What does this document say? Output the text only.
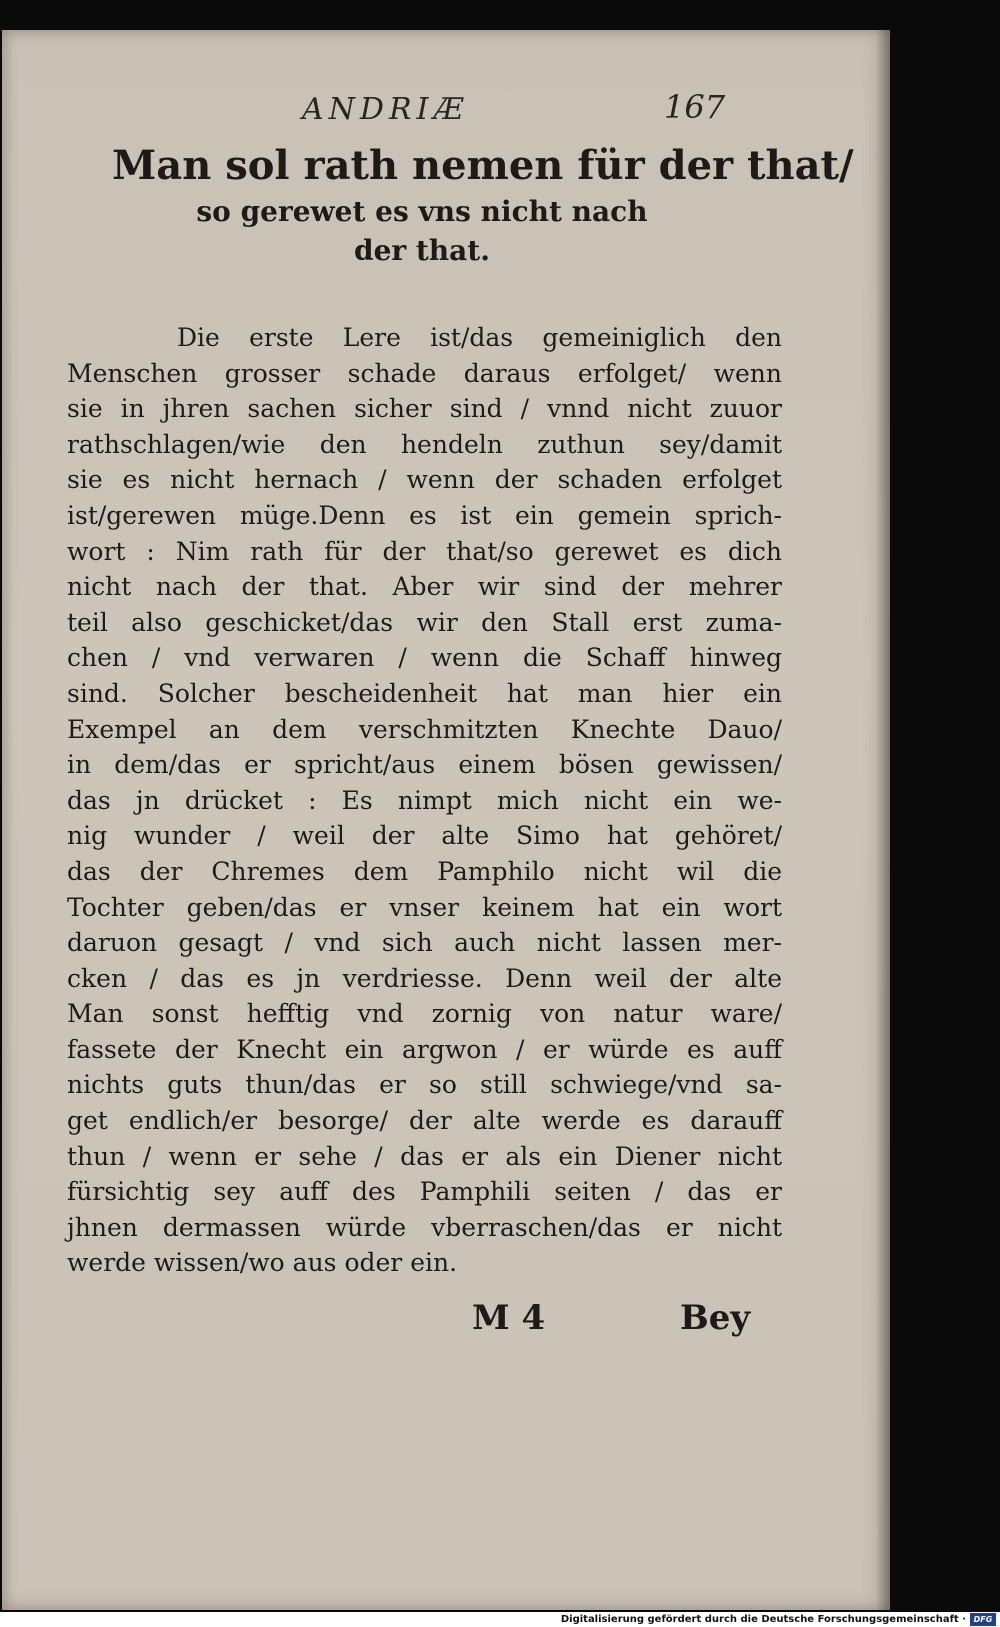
ANDRIÆ	167
Man sol rath nemen für der that/
so gerewet es vns nicht nach
der that.
Die erste Lere ist/das gemeiniglich den
Menschen grosser schade daraus erfolget/ wenn
sie in jhren sachen sicher sind / vnnd nicht zuuor
rathschlagen/wie den hendeln zuthun sey/damit
sie es nicht hernach / wenn der schaden erfolget
ist/gerewen müge.Denn es ist ein gemein sprich‑
wort : Nim rath für der that/so gerewet es dich
nicht nach der that. Aber wir sind der mehrer
teil also geschicket/das wir den Stall erst zuma‑
chen / vnd verwaren / wenn die Schaff hinweg
sind. Solcher bescheidenheit hat man hier ein
Exempel an dem verschmitzten Knechte Dauo/
in dem/das er spricht/aus einem bösen gewissen/
das jn drücket : Es nimpt mich nicht ein we‑
nig wunder / weil der alte Simo hat gehöret/
das der Chremes dem Pamphilo nicht wil die
Tochter geben/das er vnser keinem hat ein wort
daruon gesagt / vnd sich auch nicht lassen mer‑
cken / das es jn verdriesse. Denn weil der alte
Man sonst hefftig vnd zornig von natur ware/
fassete der Knecht ein argwon / er würde es auff
nichts guts thun/das er so still schwiege/vnd sa‑
get endlich/er besorge/ der alte werde es darauff
thun / wenn er sehe / das er als ein Diener nicht
fürsichtig sey auff des Pamphili seiten / das er
jhnen dermassen würde vberraschen/das er nicht
werde wissen/wo aus oder ein.
M 4	Bey
Digitalisierung gefördert durch die Deutsche Forschungsgemeinschaft · DFG
